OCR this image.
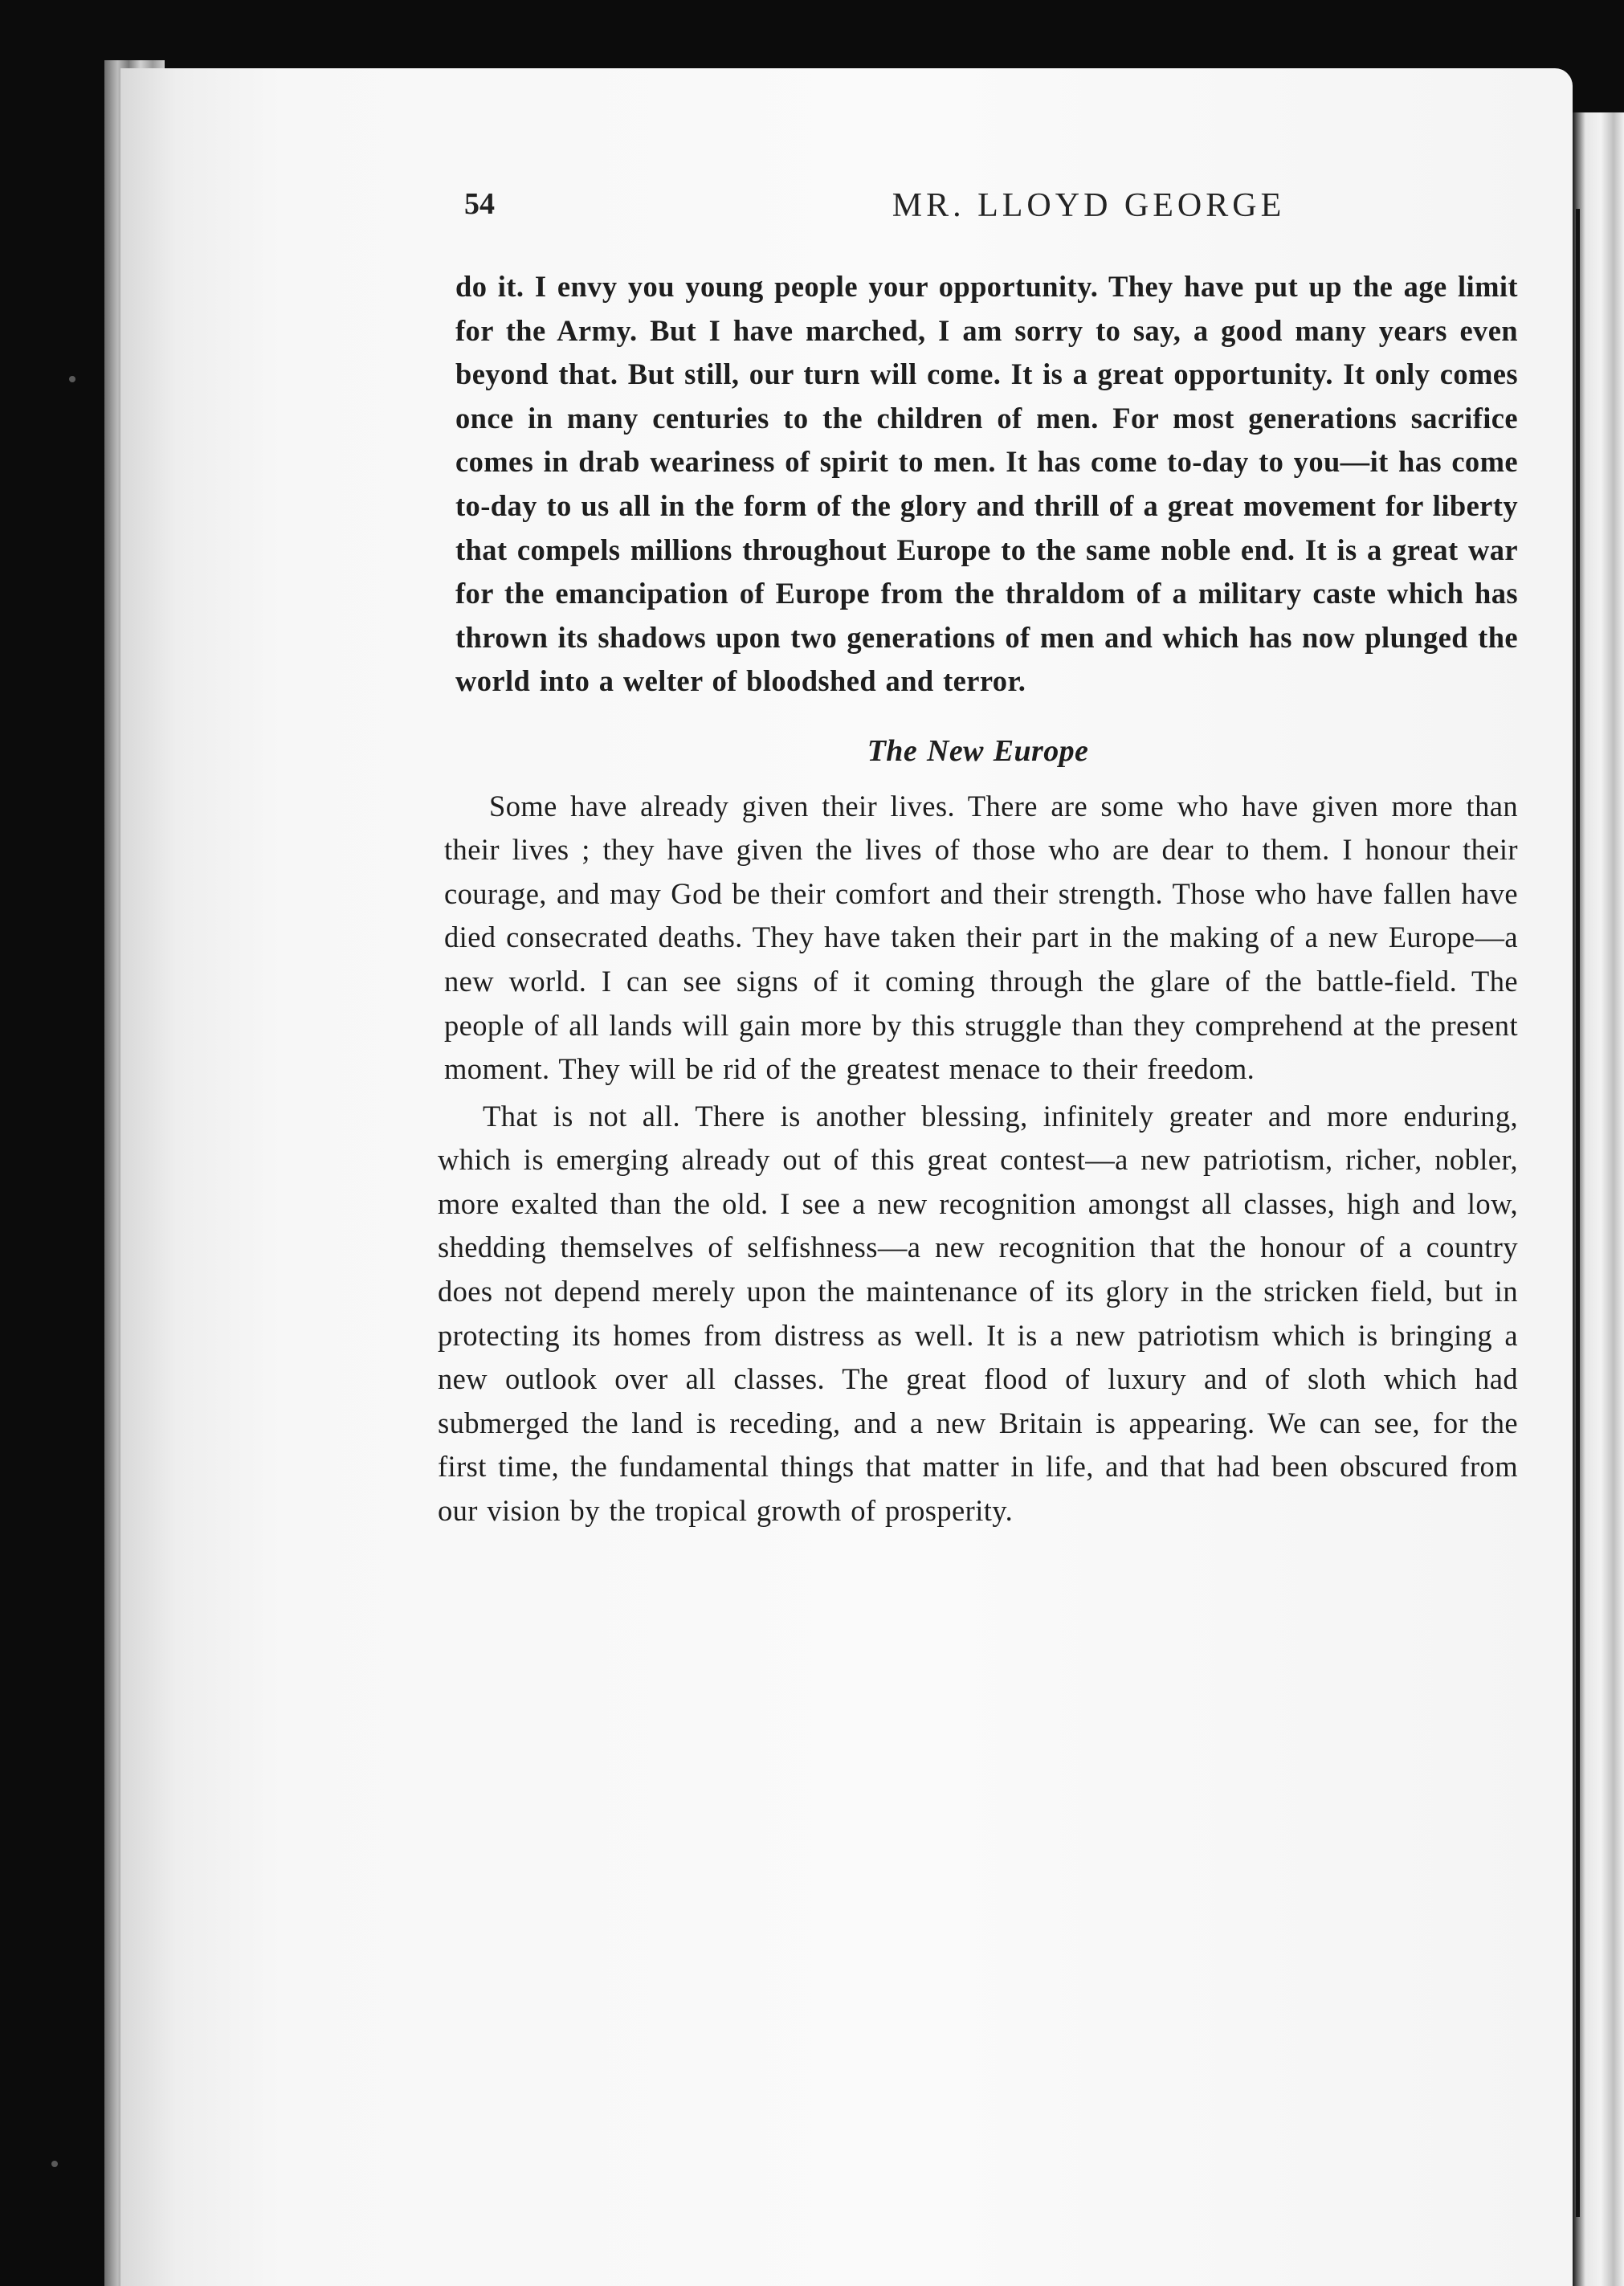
54	MR. LLOYD GEORGE

do it. I envy you young people your opportunity. They have put up the age limit for the Army. But I have marched, I am sorry to say, a good many years even beyond that. But still, our turn will come. It is a great opportunity. It only comes once in many centuries to the children of men. For most generations sacrifice comes in drab weariness of spirit to men. It has come to-day to you—it has come to-day to us all in the form of the glory and thrill of a great movement for liberty that compels millions throughout Europe to the same noble end. It is a great war for the emancipation of Europe from the thraldom of a military caste which has thrown its shadows upon two generations of men and which has now plunged the world into a welter of bloodshed and terror.

The New Europe

Some have already given their lives. There are some who have given more than their lives ; they have given the lives of those who are dear to them. I honour their courage, and may God be their comfort and their strength. Those who have fallen have died consecrated deaths. They have taken their part in the making of a new Europe—a new world. I can see signs of it coming through the glare of the battle-field. The people of all lands will gain more by this struggle than they comprehend at the present moment. They will be rid of the greatest menace to their freedom.

That is not all. There is another blessing, infinitely greater and more enduring, which is emerging already out of this great contest—a new patriotism, richer, nobler, more exalted than the old. I see a new recognition amongst all classes, high and low, shedding themselves of selfishness—a new recognition that the honour of a country does not depend merely upon the maintenance of its glory in the stricken field, but in protecting its homes from distress as well. It is a new patriotism which is bringing a new outlook over all classes. The great flood of luxury and of sloth which had submerged the land is receding, and a new Britain is appearing. We can see, for the first time, the fundamental things that matter in life, and that had been obscured from our vision by the tropical growth of prosperity.
